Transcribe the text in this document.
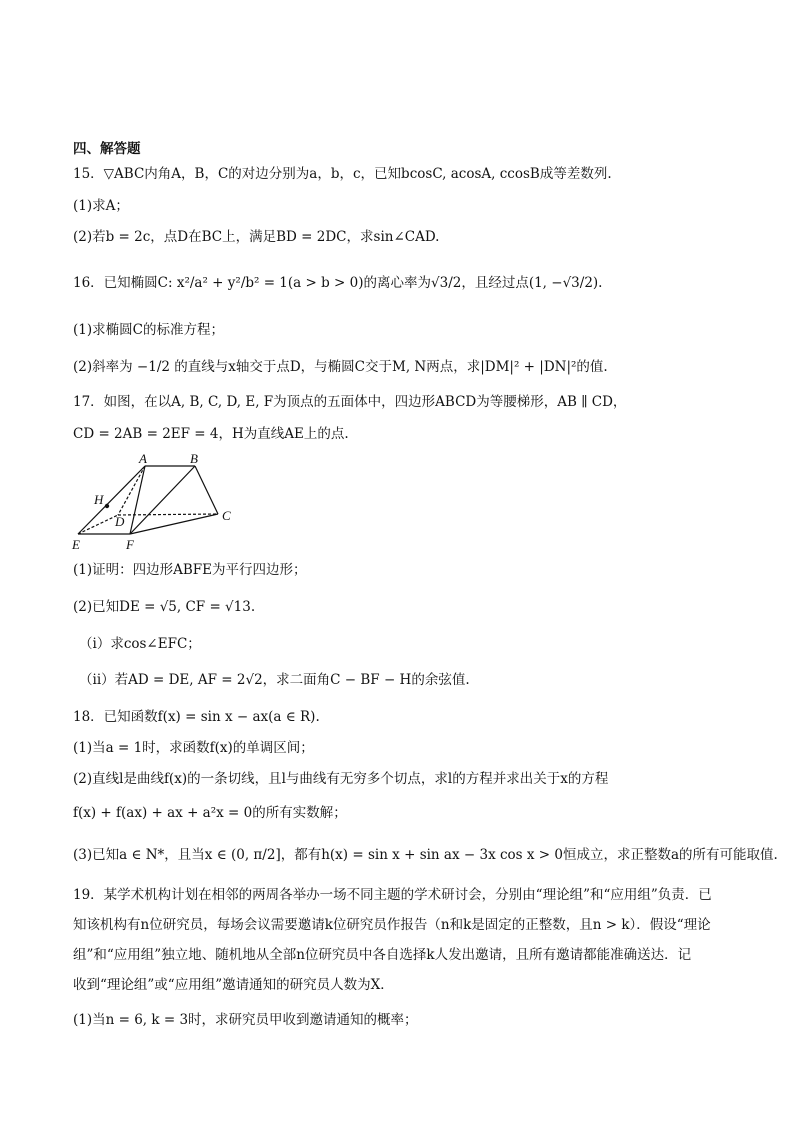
四、解答题
15．▽ABC内角A，B，C的对边分别为a，b，c，已知bcosC, acosA, ccosB成等差数列.
(1)求A；
(2)若b = 2c，点D在BC上，满足BD = 2DC，求sin∠CAD.
16．已知椭圆C: x²/a² + y²/b² = 1(a > b > 0)的离心率为√3/2，且经过点(1, −√3/2).
(1)求椭圆C的标准方程；
(2)斜率为 −1/2 的直线与x轴交于点D，与椭圆C交于M, N两点，求|DM|² + |DN|²的值.
17．如图，在以A, B, C, D, E, F为顶点的五面体中，四边形ABCD为等腰梯形，AB ∥ CD，
CD = 2AB = 2EF = 4，H为直线AE上的点.
A	B
C
D
E	F
H
(1)证明：四边形ABFE为平行四边形；
(2)已知DE = √5, CF = √13.
（i）求cos∠EFC；
（ii）若AD = DE, AF = 2√2，求二面角C − BF − H的余弦值.
18．已知函数f(x) = sin x − ax(a ∈ R).
(1)当a = 1时，求函数f(x)的单调区间；
(2)直线l是曲线f(x)的一条切线，且l与曲线有无穷多个切点，求l的方程并求出关于x的方程
f(x) + f(ax) + ax + a²x = 0的所有实数解；
(3)已知a ∈ N*，且当x ∈ (0, π/2]，都有h(x) = sin x + sin ax − 3x cos x > 0恒成立，求正整数a的所有可能取值.
19．某学术机构计划在相邻的两周各举办一场不同主题的学术研讨会，分别由“理论组”和“应用组”负责．已
知该机构有n位研究员，每场会议需要邀请k位研究员作报告（n和k是固定的正整数，且n > k）．假设“理论
组”和“应用组”独立地、随机地从全部n位研究员中各自选择k人发出邀请，且所有邀请都能准确送达．记
收到“理论组”或“应用组”邀请通知的研究员人数为X．
(1)当n = 6, k = 3时，求研究员甲收到邀请通知的概率；
